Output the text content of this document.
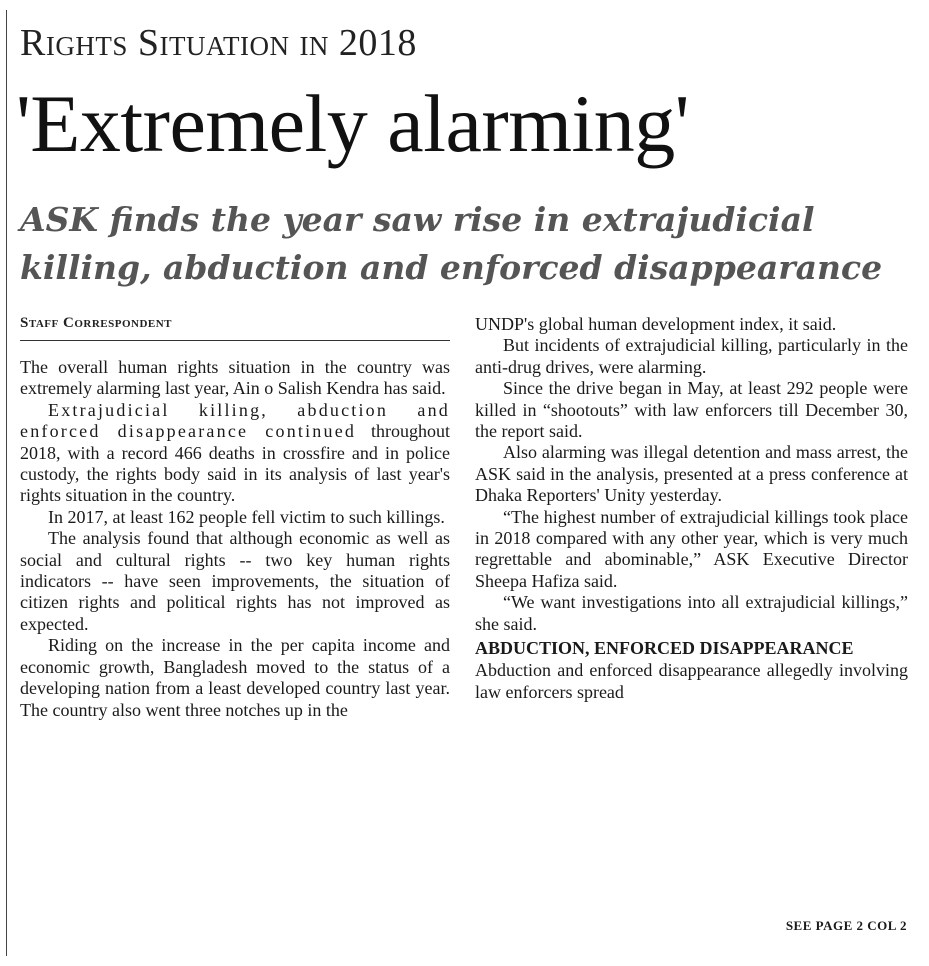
Rights Situation in 2018
'Extremely alarming'
ASK finds the year saw rise in extrajudicial
killing, abduction and enforced disappearance
Staff Correspondent

The overall human rights situation in the country was extremely alarming last year, Ain o Salish Kendra has said.

Extrajudicial killing, abduction and enforced disappearance continued throughout 2018, with a record 466 deaths in crossfire and in police custody, the rights body said in its analysis of last year's rights situation in the country.

In 2017, at least 162 people fell victim to such killings.

The analysis found that although economic as well as social and cultural rights -- two key human rights indicators -- have seen improvements, the situation of citizen rights and political rights has not improved as expected.

Riding on the increase in the per capita income and economic growth, Bangladesh moved to the status of a developing nation from a least developed country last year. The country also went three notches up in the

UNDP's global human development index, it said.

But incidents of extrajudicial killing, particularly in the anti-drug drives, were alarming.

Since the drive began in May, at least 292 people were killed in “shootouts” with law enforcers till December 30, the report said.

Also alarming was illegal detention and mass arrest, the ASK said in the analysis, presented at a press conference at Dhaka Reporters' Unity yesterday.

“The highest number of extrajudicial killings took place in 2018 compared with any other year, which is very much regrettable and abominable,” ASK Executive Director Sheepa Hafiza said.

“We want investigations into all extrajudicial killings,” she said.

ABDUCTION, ENFORCED DISAPPEARANCE

Abduction and enforced disappearance allegedly involving law enforcers spread

SEE PAGE 2 COL 2
